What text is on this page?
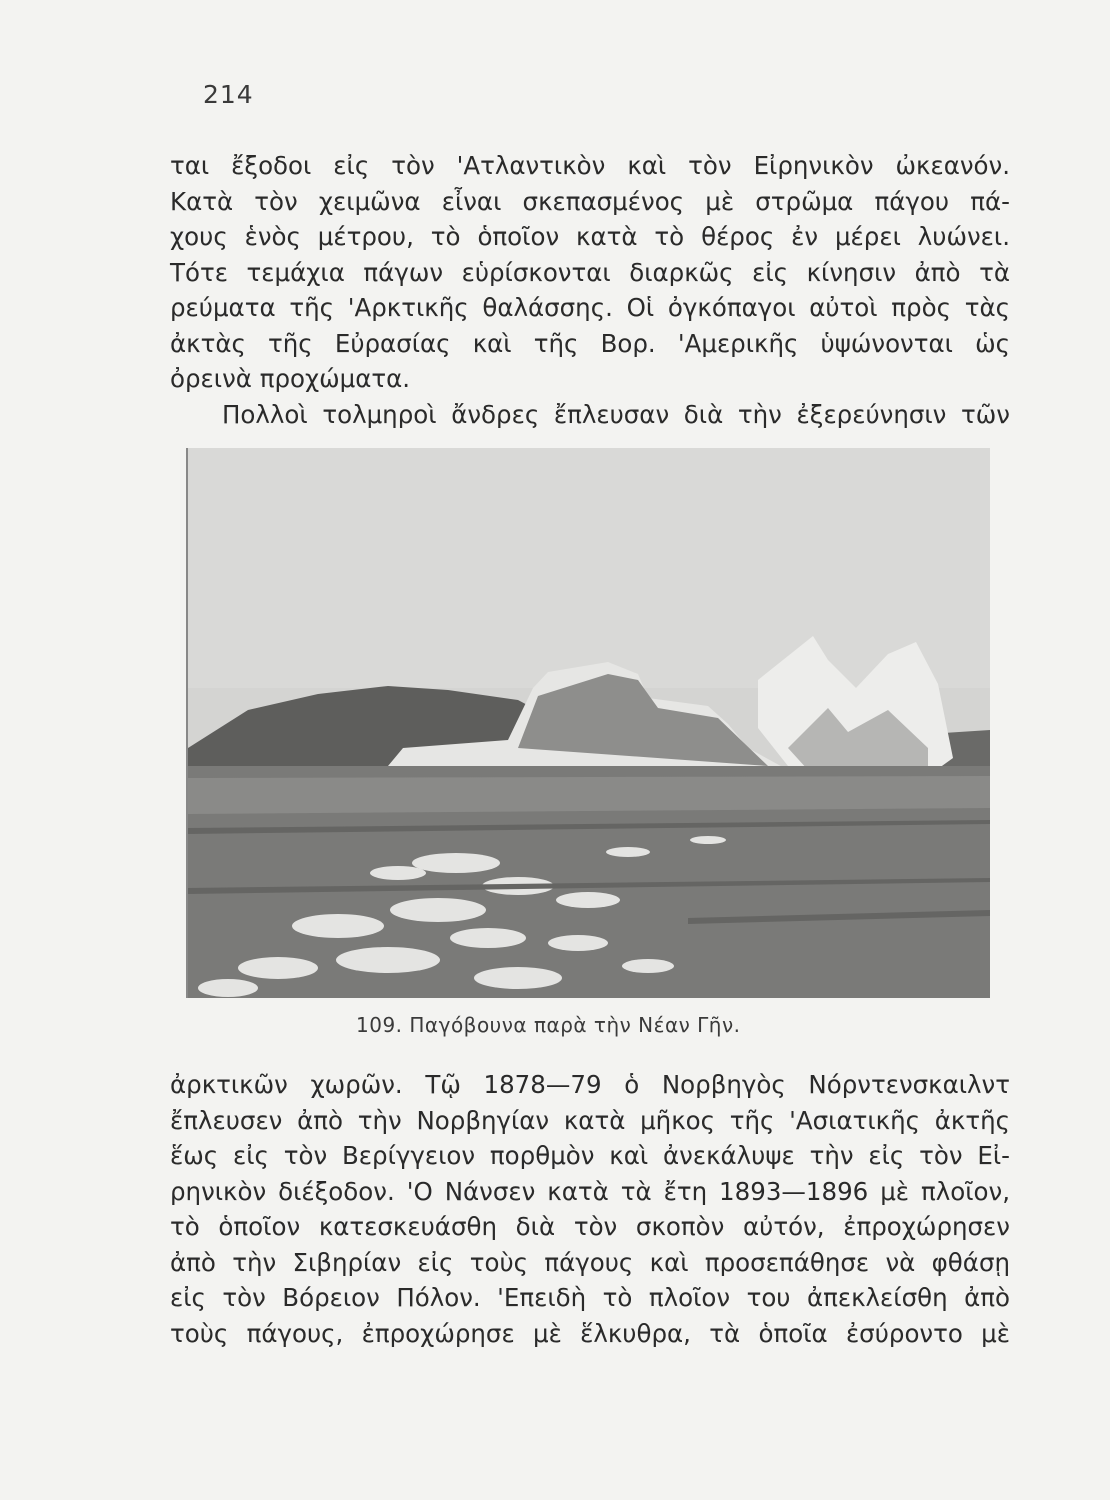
214
ται ἔξοδοι εἰς τὸν 'Ατλαντικὸν καὶ τὸν Εἰρηνικὸν ὠκεανόν.
Κατὰ τὸν χειμῶνα εἶναι σκεπασμένος μὲ στρῶμα πάγου πά-
χους ἑνὸς μέτρου, τὸ ὁποῖον κατὰ τὸ θέρος ἐν μέρει λυώνει.
Τότε τεμάχια πάγων εὑρίσκονται διαρκῶς εἰς κίνησιν ἀπὸ τὰ
ρεύματα τῆς 'Αρκτικῆς θαλάσσης. Οἱ ὀγκόπαγοι αὐτοὶ πρὸς τὰς
ἀκτὰς τῆς Εὐρασίας καὶ τῆς Βορ. 'Αμερικῆς ὑψώνονται ὡς
ὀρεινὰ προχώματα.
Πολλοὶ τολμηροὶ ἄνδρες ἔπλευσαν διὰ τὴν ἐξερεύνησιν τῶν
109. Παγόβουνα παρὰ τὴν Νέαν Γῆν.
ἀρκτικῶν χωρῶν. Τῷ 1878—79 ὁ Νορβηγὸς Νόρντενσκαιλντ
ἔπλευσεν ἀπὸ τὴν Νορβηγίαν κατὰ μῆκος τῆς 'Ασιατικῆς ἀκτῆς
ἕως εἰς τὸν Βερίγγειον πορθμὸν καὶ ἀνεκάλυψε τὴν εἰς τὸν Εἰ-
ρηνικὸν διέξοδον. 'Ο Νάνσεν κατὰ τὰ ἔτη 1893—1896 μὲ πλοῖον,
τὸ ὁποῖον κατεσκευάσθη διὰ τὸν σκοπὸν αὐτόν, ἐπροχώρησεν
ἀπὸ τὴν Σιβηρίαν εἰς τοὺς πάγους καὶ προσεπάθησε νὰ φθάσῃ
εἰς τὸν Βόρειον Πόλον. 'Επειδὴ τὸ πλοῖον του ἀπεκλείσθη ἀπὸ
τοὺς πάγους, ἐπροχώρησε μὲ ἕλκυθρα, τὰ ὁποῖα ἐσύροντο μὲ
